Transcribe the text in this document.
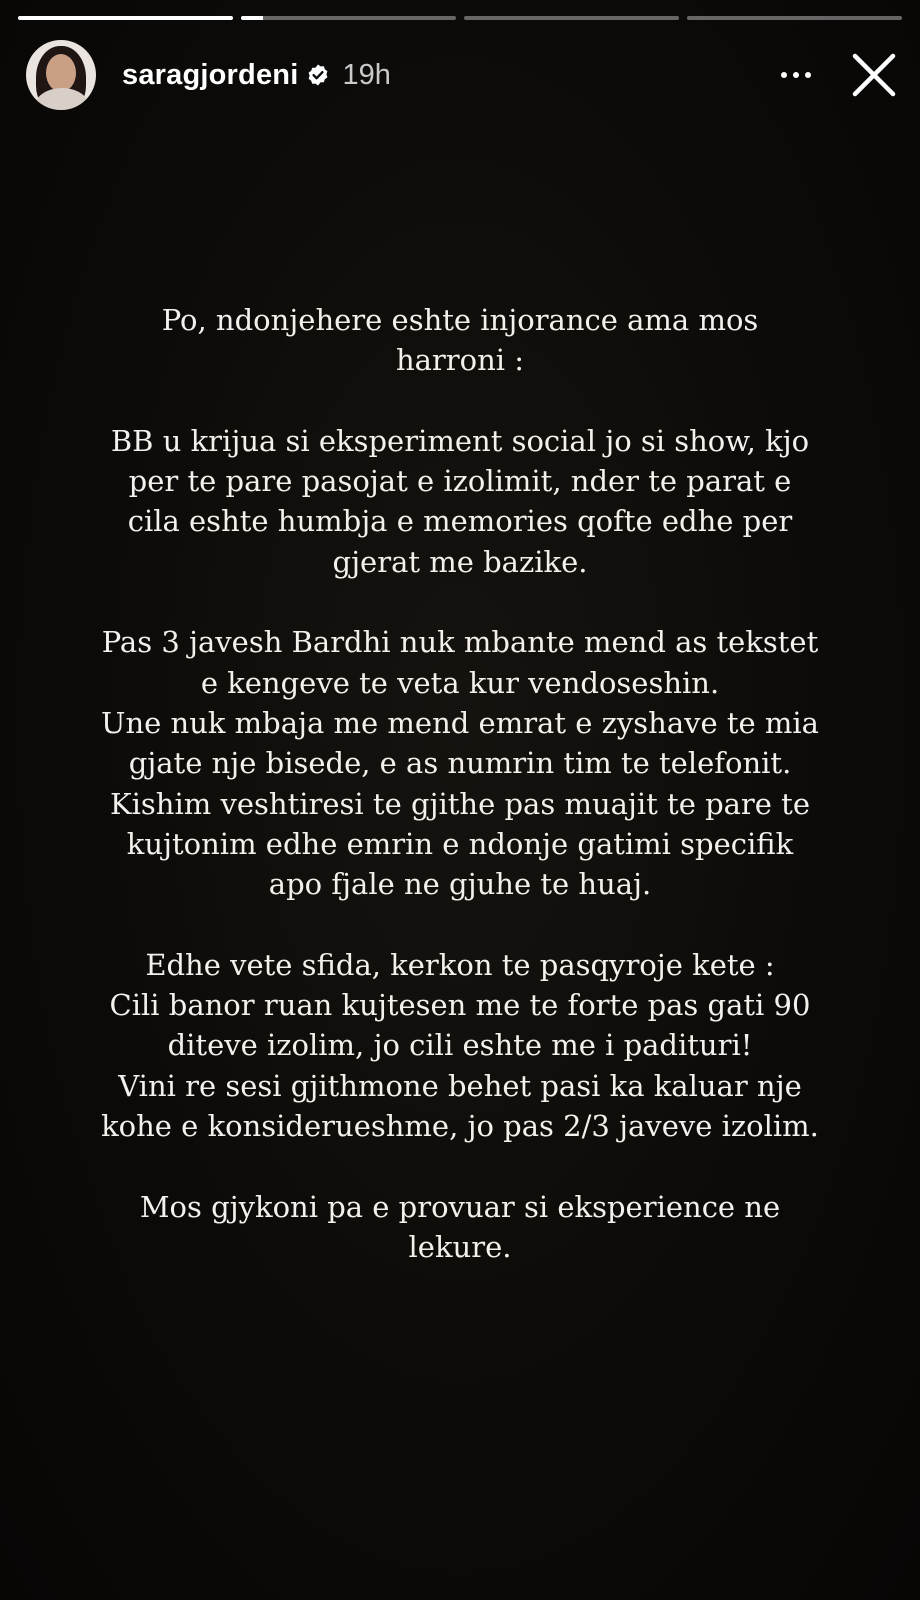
saragjordeni 19h

Po, ndonjehere eshte injorance ama mos
harroni :

BB u krijua si eksperiment social jo si show, kjo
per te pare pasojat e izolimit, nder te parat e
cila eshte humbja e memories qofte edhe per
gjerat me bazike.

Pas 3 javesh Bardhi nuk mbante mend as tekstet
e kengeve te veta kur vendoseshin.
Une nuk mbaja me mend emrat e zyshave te mia
gjate nje bisede, e as numrin tim te telefonit.
Kishim veshtiresi te gjithe pas muajit te pare te
kujtonim edhe emrin e ndonje gatimi specifik
apo fjale ne gjuhe te huaj.

Edhe vete sfida, kerkon te pasqyroje kete :
Cili banor ruan kujtesen me te forte pas gati 90
diteve izolim, jo cili eshte me i padituri!
Vini re sesi gjithmone behet pasi ka kaluar nje
kohe e konsiderueshme, jo pas 2/3 javeve izolim.

Mos gjykoni pa e provuar si eksperience ne
lekure.
